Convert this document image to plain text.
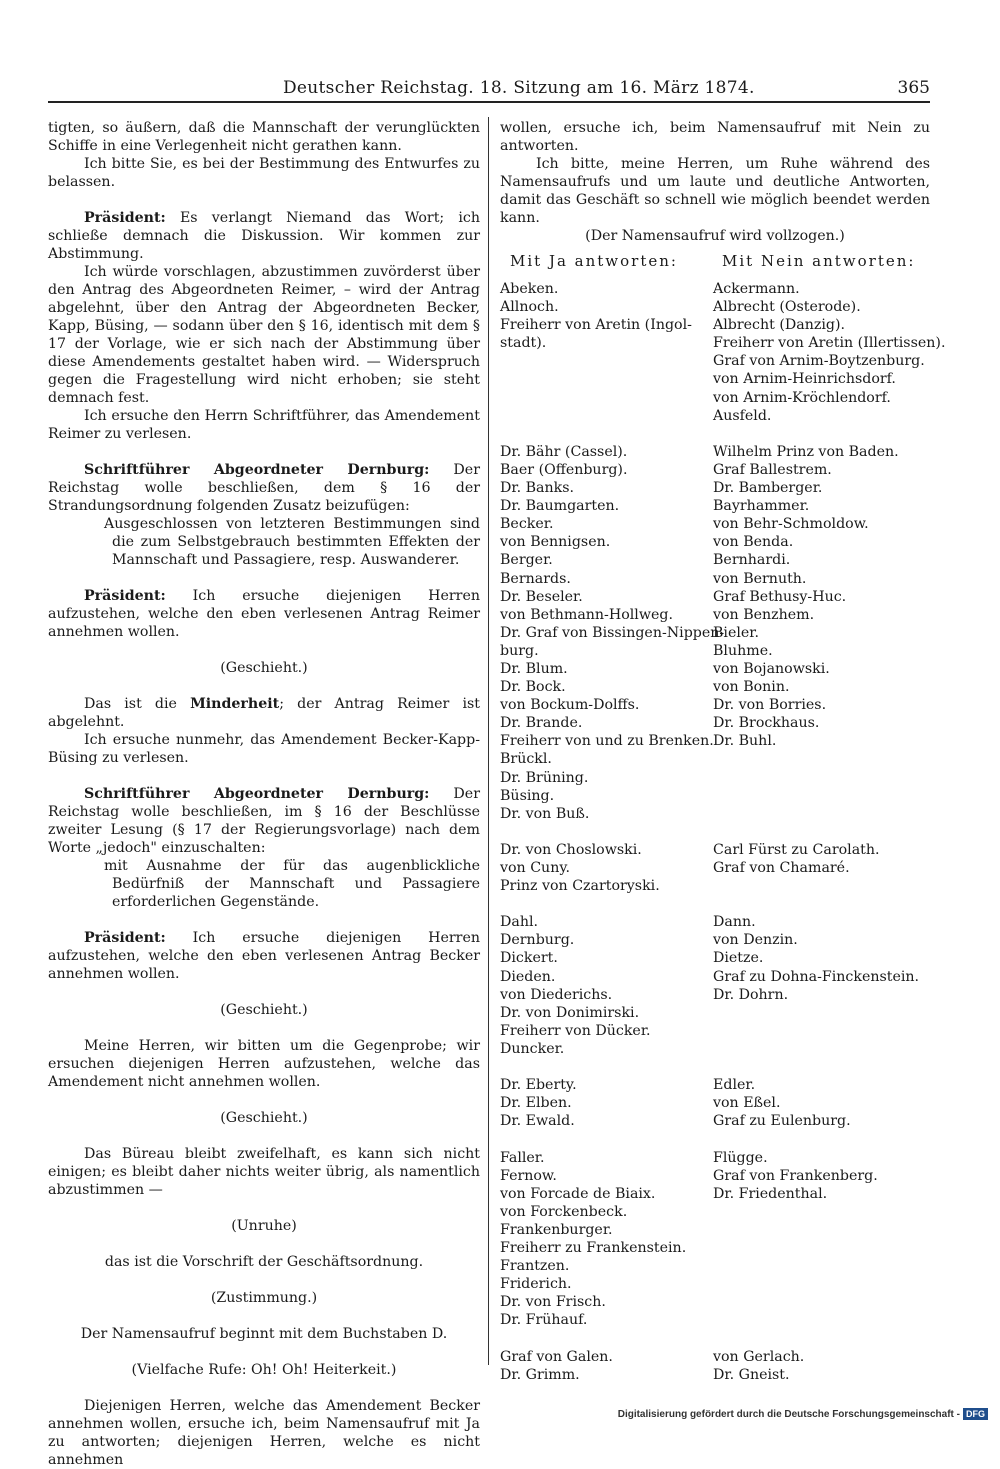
Deutscher Reichstag. 18. Sitzung am 16. März 1874.	365

tigten, so äußern, daß die Mannschaft der verunglückten Schiffe in eine Verlegenheit nicht gerathen kann.

Ich bitte Sie, es bei der Bestimmung des Entwurfes zu belassen.

Präsident: Es verlangt Niemand das Wort; ich schließe demnach die Diskussion. Wir kommen zur Abstimmung.

Ich würde vorschlagen, abzustimmen zuvörderst über den Antrag des Abgeordneten Reimer, – wird der Antrag abgelehnt, über den Antrag der Abgeordneten Becker, Kapp, Büsing, — sodann über den § 16, identisch mit dem § 17 der Vorlage, wie er sich nach der Abstimmung über diese Amendements gestaltet haben wird. — Widerspruch gegen die Fragestellung wird nicht erhoben; sie steht demnach fest.

Ich ersuche den Herrn Schriftführer, das Amendement Reimer zu verlesen.

Schriftführer Abgeordneter Dernburg: Der Reichstag wolle beschließen, dem § 16 der Strandungsordnung folgenden Zusatz beizufügen:

Ausgeschlossen von letzteren Bestimmungen sind die zum Selbstgebrauch bestimmten Effekten der Mannschaft und Passagiere, resp. Auswanderer.

Präsident: Ich ersuche diejenigen Herren aufzustehen, welche den eben verlesenen Antrag Reimer annehmen wollen.

(Geschieht.)

Das ist die Minderheit; der Antrag Reimer ist abgelehnt.

Ich ersuche nunmehr, das Amendement Becker-Kapp-Büsing zu verlesen.

Schriftführer Abgeordneter Dernburg: Der Reichstag wolle beschließen, im § 16 der Beschlüsse zweiter Lesung (§ 17 der Regierungsvorlage) nach dem Worte „jedoch" einzuschalten:

mit Ausnahme der für das augenblickliche Bedürfniß der Mannschaft und Passagiere erforderlichen Gegenstände.

Präsident: Ich ersuche diejenigen Herren aufzustehen, welche den eben verlesenen Antrag Becker annehmen wollen.

(Geschieht.)

Meine Herren, wir bitten um die Gegenprobe; wir ersuchen diejenigen Herren aufzustehen, welche das Amendement nicht annehmen wollen.

(Geschieht.)

Das Büreau bleibt zweifelhaft, es kann sich nicht einigen; es bleibt daher nichts weiter übrig, als namentlich abzustimmen —

(Unruhe)

das ist die Vorschrift der Geschäftsordnung.

(Zustimmung.)

Der Namensaufruf beginnt mit dem Buchstaben D.

(Vielfache Rufe: Oh! Oh! Heiterkeit.)

Diejenigen Herren, welche das Amendement Becker annehmen wollen, ersuche ich, beim Namensaufruf mit Ja zu antworten; diejenigen Herren, welche es nicht annehmen

wollen, ersuche ich, beim Namensaufruf mit Nein zu antworten.

Ich bitte, meine Herren, um Ruhe während des Namensaufrufs und um laute und deutliche Antworten, damit das Geschäft so schnell wie möglich beendet werden kann.

(Der Namensaufruf wird vollzogen.)

Mit Ja antworten:	Mit Nein antworten:
Abeken.
Allnoch.
Freiherr von Aretin (Ingol-
stadt).

Dr. Bähr (Cassel).
Baer (Offenburg).
Dr. Banks.
Dr. Baumgarten.
Becker.
von Bennigsen.
Berger.
Bernards.
Dr. Beseler.
von Bethmann-Hollweg.
Dr. Graf von Bissingen-Nippen-
burg.
Dr. Blum.
Dr. Bock.
von Bockum-Dolffs.
Dr. Brande.
Freiherr von und zu Brenken.
Brückl.
Dr. Brüning.
Büsing.
Dr. von Buß.

Dr. von Choslowski.
von Cuny.
Prinz von Czartoryski.

Dahl.
Dernburg.
Dickert.
Dieden.
von Diederichs.
Dr. von Donimirski.
Freiherr von Dücker.
Duncker.

Dr. Eberty.
Dr. Elben.
Dr. Ewald.

Faller.
Fernow.
von Forcade de Biaix.
von Forckenbeck.
Frankenburger.
Freiherr zu Frankenstein.
Frantzen.
Friderich.
Dr. von Frisch.
Dr. Frühauf.

Graf von Galen.
Dr. Grimm.
Ackermann.
Albrecht (Osterode).
Albrecht (Danzig).
Freiherr von Aretin (Illertissen).
Graf von Arnim-Boytzenburg.
von Arnim-Heinrichsdorf.
von Arnim-Kröchlendorf.
Ausfeld.

Wilhelm Prinz von Baden.
Graf Ballestrem.
Dr. Bamberger.
Bayrhammer.
von Behr-Schmoldow.
von Benda.
Bernhardi.
von Bernuth.
Graf Bethusy-Huc.
von Benzhem.
Bieler.
Bluhme.
von Bojanowski.
von Bonin.
Dr. von Borries.
Dr. Brockhaus.
Dr. Buhl.

Carl Fürst zu Carolath.
Graf von Chamaré.

Dann.
von Denzin.
Dietze.
Graf zu Dohna-Finckenstein.
Dr. Dohrn.

Edler.
von Eßel.
Graf zu Eulenburg.

Flügge.
Graf von Frankenberg.
Dr. Friedenthal.

von Gerlach.
Dr. Gneist.
Digitalisierung gefördert durch die Deutsche Forschungsgemeinschaft - DFG
